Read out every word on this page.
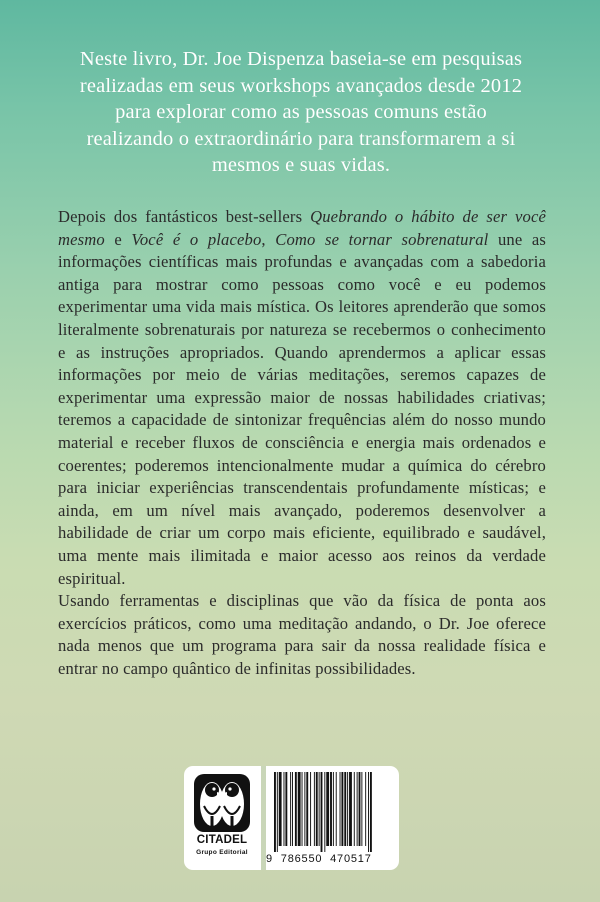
Neste livro, Dr. Joe Dispenza baseia-se em pesquisas realizadas em seus workshops avançados desde 2012 para explorar como as pessoas comuns estão realizando o extraordinário para transformarem a si mesmos e suas vidas.

Depois dos fantásticos best-sellers Quebrando o hábito de ser você mesmo e Você é o placebo, Como se tornar sobrenatural une as informações científicas mais profundas e avançadas com a sabedoria antiga para mostrar como pessoas como você e eu podemos experimentar uma vida mais mística. Os leitores aprenderão que somos literalmente sobrenaturais por natureza se recebermos o conhecimento e as instruções apropriados. Quando aprendermos a aplicar essas informações por meio de várias meditações, seremos capazes de experimentar uma expressão maior de nossas habilidades criativas; teremos a capacidade de sintonizar frequências além do nosso mundo material e receber fluxos de consciência e energia mais ordenados e coerentes; poderemos intencionalmente mudar a química do cérebro para iniciar experiências transcendentais profundamente místicas; e ainda, em um nível mais avançado, poderemos desenvolver a habilidade de criar um corpo mais eficiente, equilibrado e saudável, uma mente mais ilimitada e maior acesso aos reinos da verdade espiritual.

Usando ferramentas e disciplinas que vão da física de ponta aos exercícios práticos, como uma meditação andando, o Dr. Joe oferece nada menos que um programa para sair da nossa realidade física e entrar no campo quântico de infinitas possibilidades.

CITADEL
Grupo Editorial
9 786550 470517
